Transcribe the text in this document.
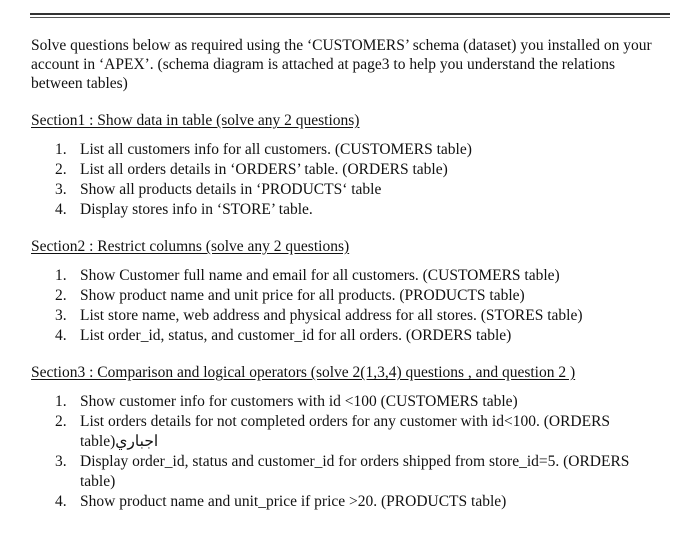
Solve questions below as required using the ‘CUSTOMERS’ schema (dataset) you installed on your account in ‘APEX’. (schema diagram is attached at page3 to help you understand the relations between tables)

Section1 : Show data in table (solve any 2 questions)

1. List all customers info for all customers. (CUSTOMERS table)
2. List all orders details in ‘ORDERS’ table. (ORDERS table)
3. Show all products details in ‘PRODUCTS‘ table
4. Display stores info in ‘STORE’ table.

Section2 : Restrict columns (solve any 2 questions)

1. Show Customer full name and email for all customers. (CUSTOMERS table)
2. Show product name and unit price for all products. (PRODUCTS table)
3. List store name, web address and physical address for all stores. (STORES table)
4. List order_id, status, and customer_id for all orders. (ORDERS table)

Section3 : Comparison and logical operators (solve 2(1,3,4) questions , and question 2 )

1. Show customer info for customers with id <100 (CUSTOMERS table)
2. List orders details for not completed orders for any customer with id<100. (ORDERS table)اجباري
3. Display order_id, status and customer_id for orders shipped from store_id=5. (ORDERS table)
4. Show product name and unit_price if price >20. (PRODUCTS table)
